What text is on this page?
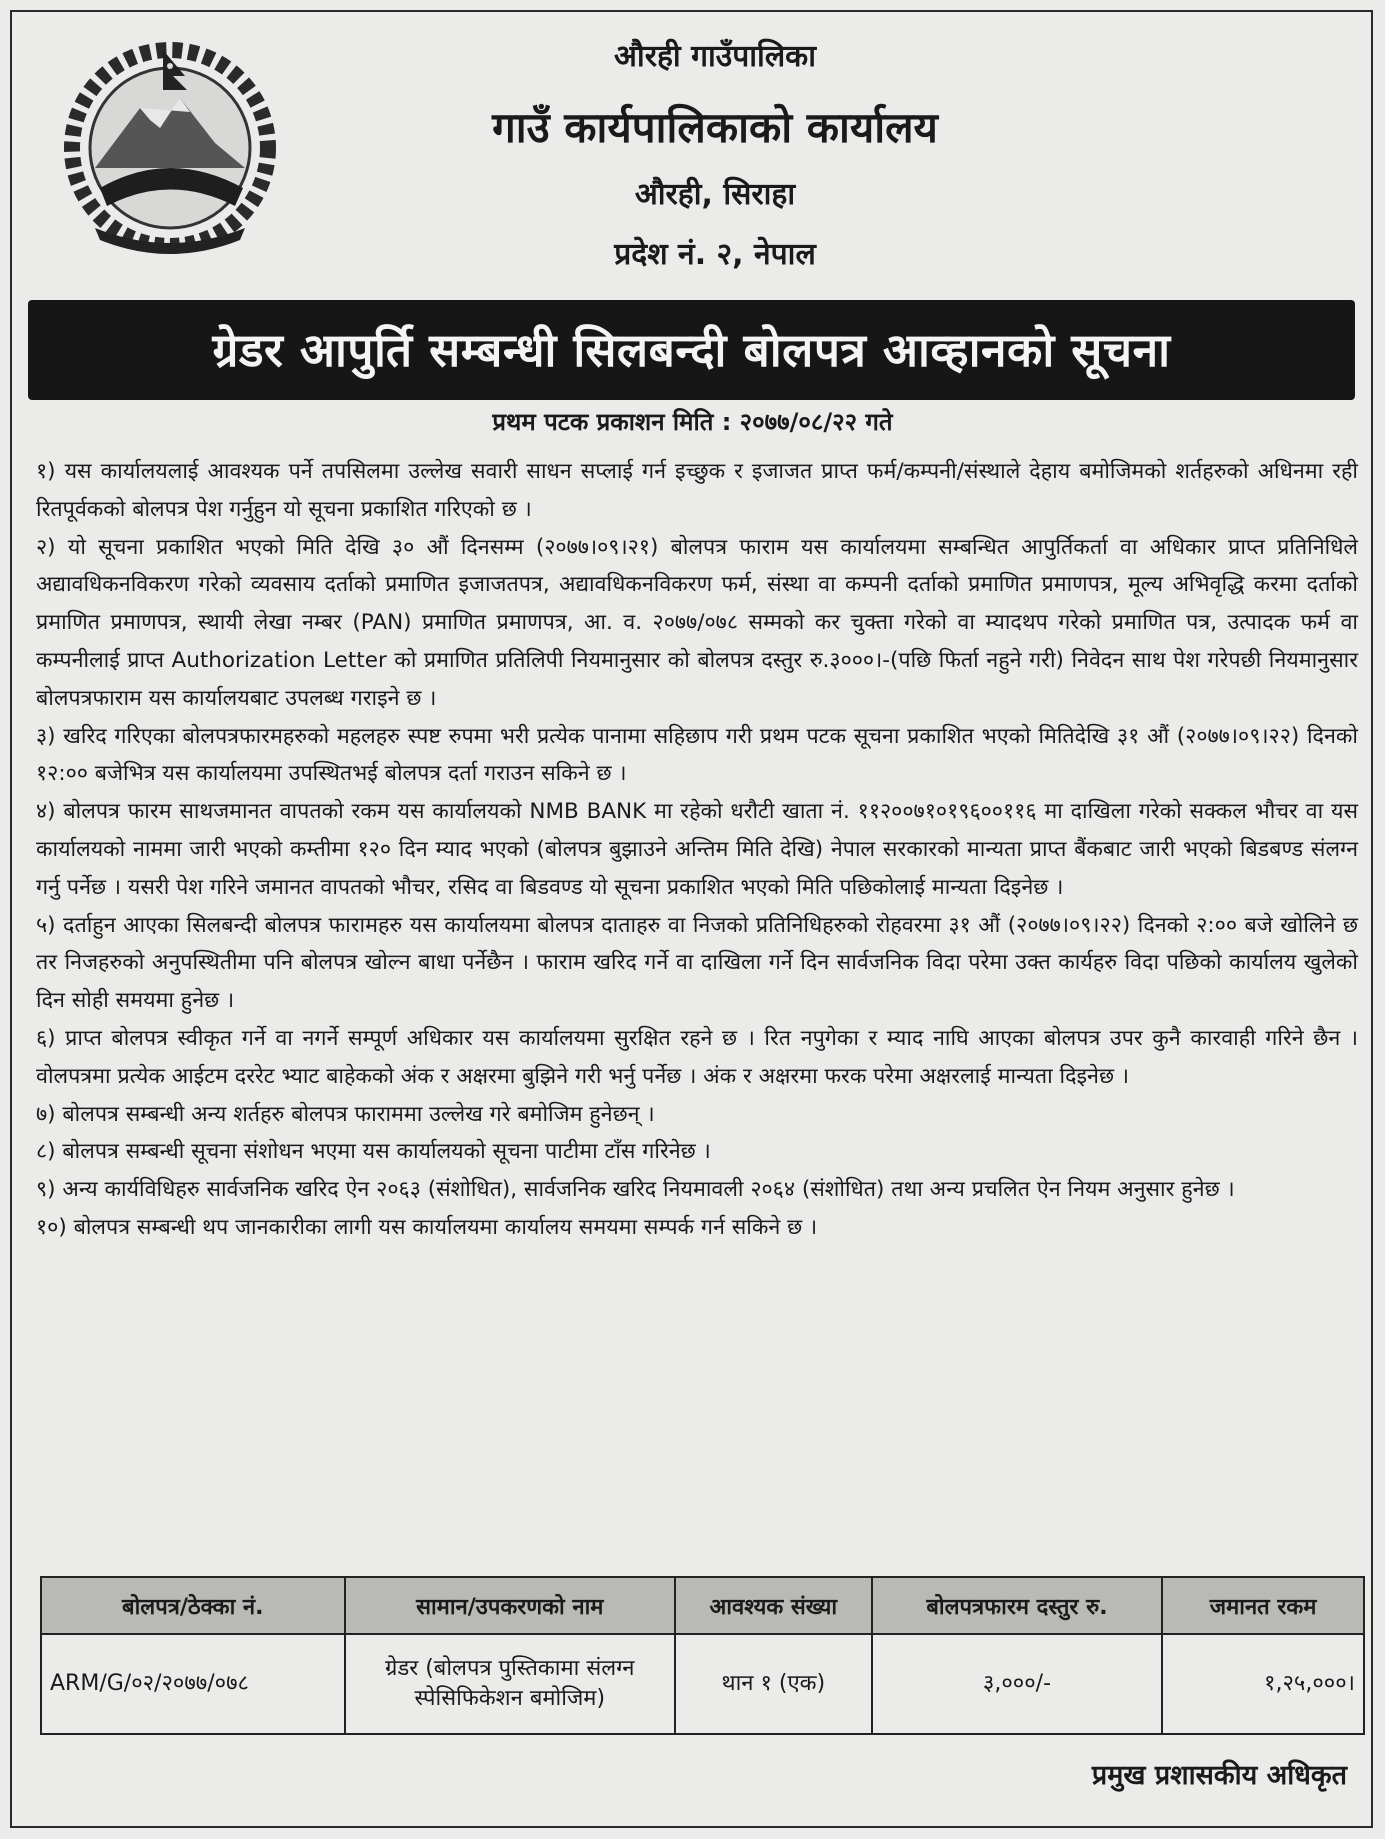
औरही गाउँपालिका
गाउँ कार्यपालिकाको कार्यालय
औरही, सिराहा
प्रदेश नं. २, नेपाल
ग्रेडर आपुर्ति सम्बन्धी सिलबन्दी बोलपत्र आव्हानको सूचना
प्रथम पटक प्रकाशन मिति : २०७७/०८/२२ गते

१) यस कार्यालयलाई आवश्यक पर्ने तपसिलमा उल्लेख सवारी साधन सप्लाई गर्न इच्छुक र इजाजत प्राप्त फर्म/कम्पनी/संस्थाले देहाय बमोजिमको शर्तहरुको अधिनमा रही रितपूर्वकको बोलपत्र पेश गर्नुहुन यो सूचना प्रकाशित गरिएको छ ।

२) यो सूचना प्रकाशित भएको मिति देखि ३० औं दिनसम्म (२०७७।०९।२१) बोलपत्र फाराम यस कार्यालयमा सम्बन्धित आपुर्तिकर्ता वा अधिकार प्राप्त प्रतिनिधिले अद्यावधिकनविकरण गरेको व्यवसाय दर्ताको प्रमाणित इजाजतपत्र, अद्यावधिकनविकरण फर्म, संस्था वा कम्पनी दर्ताको प्रमाणित प्रमाणपत्र, मूल्य अभिवृद्धि करमा दर्ताको प्रमाणित प्रमाणपत्र, स्थायी लेखा नम्बर (PAN) प्रमाणित प्रमाणपत्र, आ. व. २०७७/०७८ सम्मको कर चुक्ता गरेको वा म्यादथप गरेको प्रमाणित पत्र, उत्पादक फर्म वा कम्पनीलाई प्राप्त Authorization Letter को प्रमाणित प्रतिलिपी नियमानुसार को बोलपत्र दस्तुर रु.३०००।-(पछि फिर्ता नहुने गरी) निवेदन साथ पेश गरेपछी नियमानुसार बोलपत्रफाराम यस कार्यालयबाट उपलब्ध गराइने छ ।

३) खरिद गरिएका बोलपत्रफारमहरुको महलहरु स्पष्ट रुपमा भरी प्रत्येक पानामा सहिछाप गरी प्रथम पटक सूचना प्रकाशित भएको मितिदेखि ३१ औं (२०७७।०९।२२) दिनको १२:०० बजेभित्र यस कार्यालयमा उपस्थितभई बोलपत्र दर्ता गराउन सकिने छ ।

४) बोलपत्र फारम साथजमानत वापतको रकम यस कार्यालयको NMB BANK मा रहेको धरौटी खाता नं. ११२००७१०१९६००११६ मा दाखिला गरेको सक्कल भौचर वा यस कार्यालयको नाममा जारी भएको कम्तीमा १२० दिन म्याद भएको (बोलपत्र बुझाउने अन्तिम मिति देखि) नेपाल सरकारको मान्यता प्राप्त बैंकबाट जारी भएको बिडबण्ड संलग्न गर्नु पर्नेछ । यसरी पेश गरिने जमानत वापतको भौचर, रसिद वा बिडवण्ड यो सूचना प्रकाशित भएको मिति पछिकोलाई मान्यता दिइनेछ ।

५) दर्ताहुन आएका सिलबन्दी बोलपत्र फारामहरु यस कार्यालयमा बोलपत्र दाताहरु वा निजको प्रतिनिधिहरुको रोहवरमा ३१ औं (२०७७।०९।२२) दिनको २:०० बजे खोलिने छ तर निजहरुको अनुपस्थितीमा पनि बोलपत्र खोल्न बाधा पर्नेछैन । फाराम खरिद गर्ने वा दाखिला गर्ने दिन सार्वजनिक विदा परेमा उक्त कार्यहरु विदा पछिको कार्यालय खुलेको दिन सोही समयमा हुनेछ ।

६) प्राप्त बोलपत्र स्वीकृत गर्ने वा नगर्ने सम्पूर्ण अधिकार यस कार्यालयमा सुरक्षित रहने छ । रित नपुगेका र म्याद नाघि आएका बोलपत्र उपर कुनै कारवाही गरिने छैन । वोलपत्रमा प्रत्येक आईटम दररेट भ्याट बाहेकको अंक र अक्षरमा बुझिने गरी भर्नु पर्नेछ । अंक र अक्षरमा फरक परेमा अक्षरलाई मान्यता दिइनेछ ।

७) बोलपत्र सम्बन्धी अन्य शर्तहरु बोलपत्र फाराममा उल्लेख गरे बमोजिम हुनेछन् ।

८) बोलपत्र सम्बन्धी सूचना संशोधन भएमा यस कार्यालयको सूचना पाटीमा टाँस गरिनेछ ।

९) अन्य कार्यविधिहरु सार्वजनिक खरिद ऐन २०६३ (संशोधित), सार्वजनिक खरिद नियमावली २०६४ (संशोधित) तथा अन्य प्रचलित ऐन नियम अनुसार हुनेछ ।

१०) बोलपत्र सम्बन्धी थप जानकारीका लागी यस कार्यालयमा कार्यालय समयमा सम्पर्क गर्न सकिने छ ।

बोलपत्र/ठेक्का नं.	सामान/उपकरणको नाम	आवश्यक संख्या	बोलपत्रफारम दस्तुर रु.	जमानत रकम
ARM/G/०२/२०७७/०७८	ग्रेडर (बोलपत्र पुस्तिकामा संलग्न
स्पेसिफिकेशन बमोजिम)	थान १ (एक)	३,०००/-	१,२५,०००।
प्रमुख प्रशासकीय अधिकृत
